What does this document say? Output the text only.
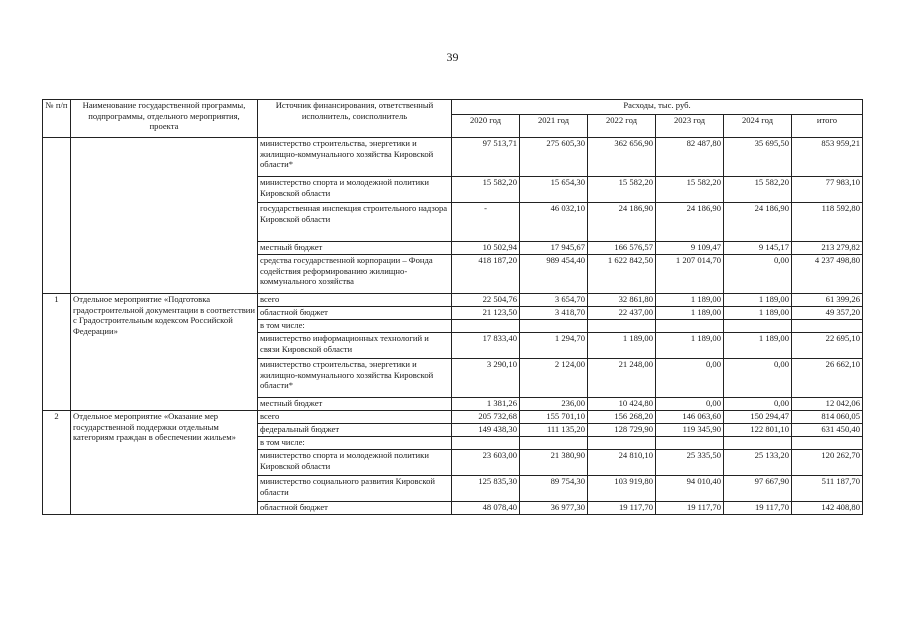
39
№ п/п	Наименование государственной программы, подпрограммы, отдельного мероприятия, проекта	Источник финансирования, ответственный исполнитель, соисполнитель	Расходы, тыс. руб.					
			2020 год	2021 год	2022 год	2023 год	2024 год	итого
		министерство строительства, энергетики и жилищно-коммунального хозяйства Кировской области*	97 513,71	275 605,30	362 656,90	82 487,80	35 695,50	853 959,21
		министерство спорта и молодежной политики Кировской области	15 582,20	15 654,30	15 582,20	15 582,20	15 582,20	77 983,10
		государственная инспекция строительного надзора Кировской области	-	46 032,10	24 186,90	24 186,90	24 186,90	118 592,80
		местный бюджет	10 502,94	17 945,67	166 576,57	9 109,47	9 145,17	213 279,82
		средства государственной корпорации – Фонда содействия реформированию жилищно-коммунального хозяйства	418 187,20	989 454,40	1 622 842,50	1 207 014,70	0,00	4 237 498,80
1	Отдельное мероприятие «Подготовка градостроительной документации в соответствии с Градостроительным кодексом Российской Федерации»	всего	22 504,76	3 654,70	32 861,80	1 189,00	1 189,00	61 399,26
		областной бюджет	21 123,50	3 418,70	22 437,00	1 189,00	1 189,00	49 357,20
		в том числе:						
		министерство информационных технологий и связи Кировской области	17 833,40	1 294,70	1 189,00	1 189,00	1 189,00	22 695,10
		министерство строительства, энергетики и жилищно-коммунального хозяйства Кировской области*	3 290,10	2 124,00	21 248,00	0,00	0,00	26 662,10
		местный бюджет	1 381,26	236,00	10 424,80	0,00	0,00	12 042,06
2	Отдельное мероприятие «Оказание мер государственной поддержки отдельным категориям граждан в обеспечении жильем»	всего	205 732,68	155 701,10	156 268,20	146 063,60	150 294,47	814 060,05
		федеральный бюджет	149 438,30	111 135,20	128 729,90	119 345,90	122 801,10	631 450,40
		в том числе:						
		министерство спорта и молодежной политики Кировской области	23 603,00	21 380,90	24 810,10	25 335,50	25 133,20	120 262,70
		министерство социального развития Кировской области	125 835,30	89 754,30	103 919,80	94 010,40	97 667,90	511 187,70
		областной бюджет	48 078,40	36 977,30	19 117,70	19 117,70	19 117,70	142 408,80
